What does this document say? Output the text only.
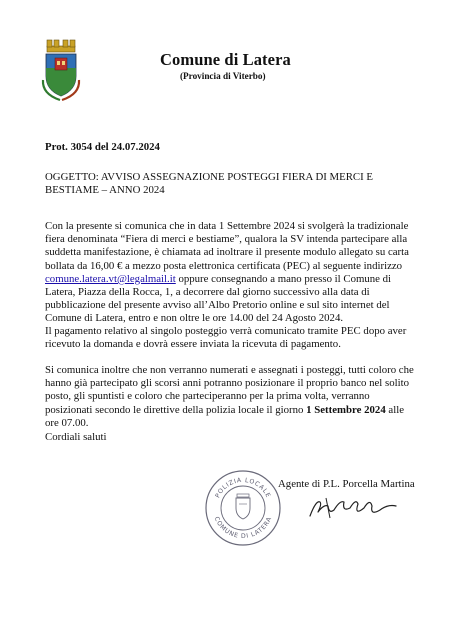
Comune di Latera
(Provincia di Viterbo)
Prot. 3054 del 24.07.2024
OGGETTO: AVVISO ASSEGNAZIONE POSTEGGI FIERA DI MERCI E BESTIAME – ANNO 2024
Con la presente si comunica che in data 1 Settembre 2024 si svolgerà la tradizionale fiera denominata “Fiera di merci e bestiame”, qualora la SV intenda partecipare alla suddetta manifestazione, è chiamata ad inoltrare il presente modulo allegato su carta bollata da 16,00 € a mezzo posta elettronica certificata (PEC) al seguente indirizzo comune.latera.vt@legalmail.it oppure consegnando a mano presso il Comune di Latera, Piazza della Rocca, 1, a decorrere dal giorno successivo alla data di pubblicazione del presente avviso all’Albo Pretorio online e sul sito internet del Comune di Latera, entro e non oltre le ore 14.00 del 24 Agosto 2024.
Il pagamento relativo al singolo posteggio verrà comunicato tramite PEC dopo aver ricevuto la domanda e dovrà essere inviata la ricevuta di pagamento.
Si comunica inoltre che non verranno numerati e assegnati i posteggi, tutti coloro che hanno già partecipato gli scorsi anni potranno posizionare il proprio banco nel solito posto, gli spuntisti e coloro che parteciperanno per la prima volta, verranno posizionati secondo le direttive della polizia locale il giorno 1 Settembre 2024 alle ore 07.00.
Cordiali saluti
POLIZIA LOCALE
COMUNE DI LATERA
Agente di P.L. Porcella Martina
